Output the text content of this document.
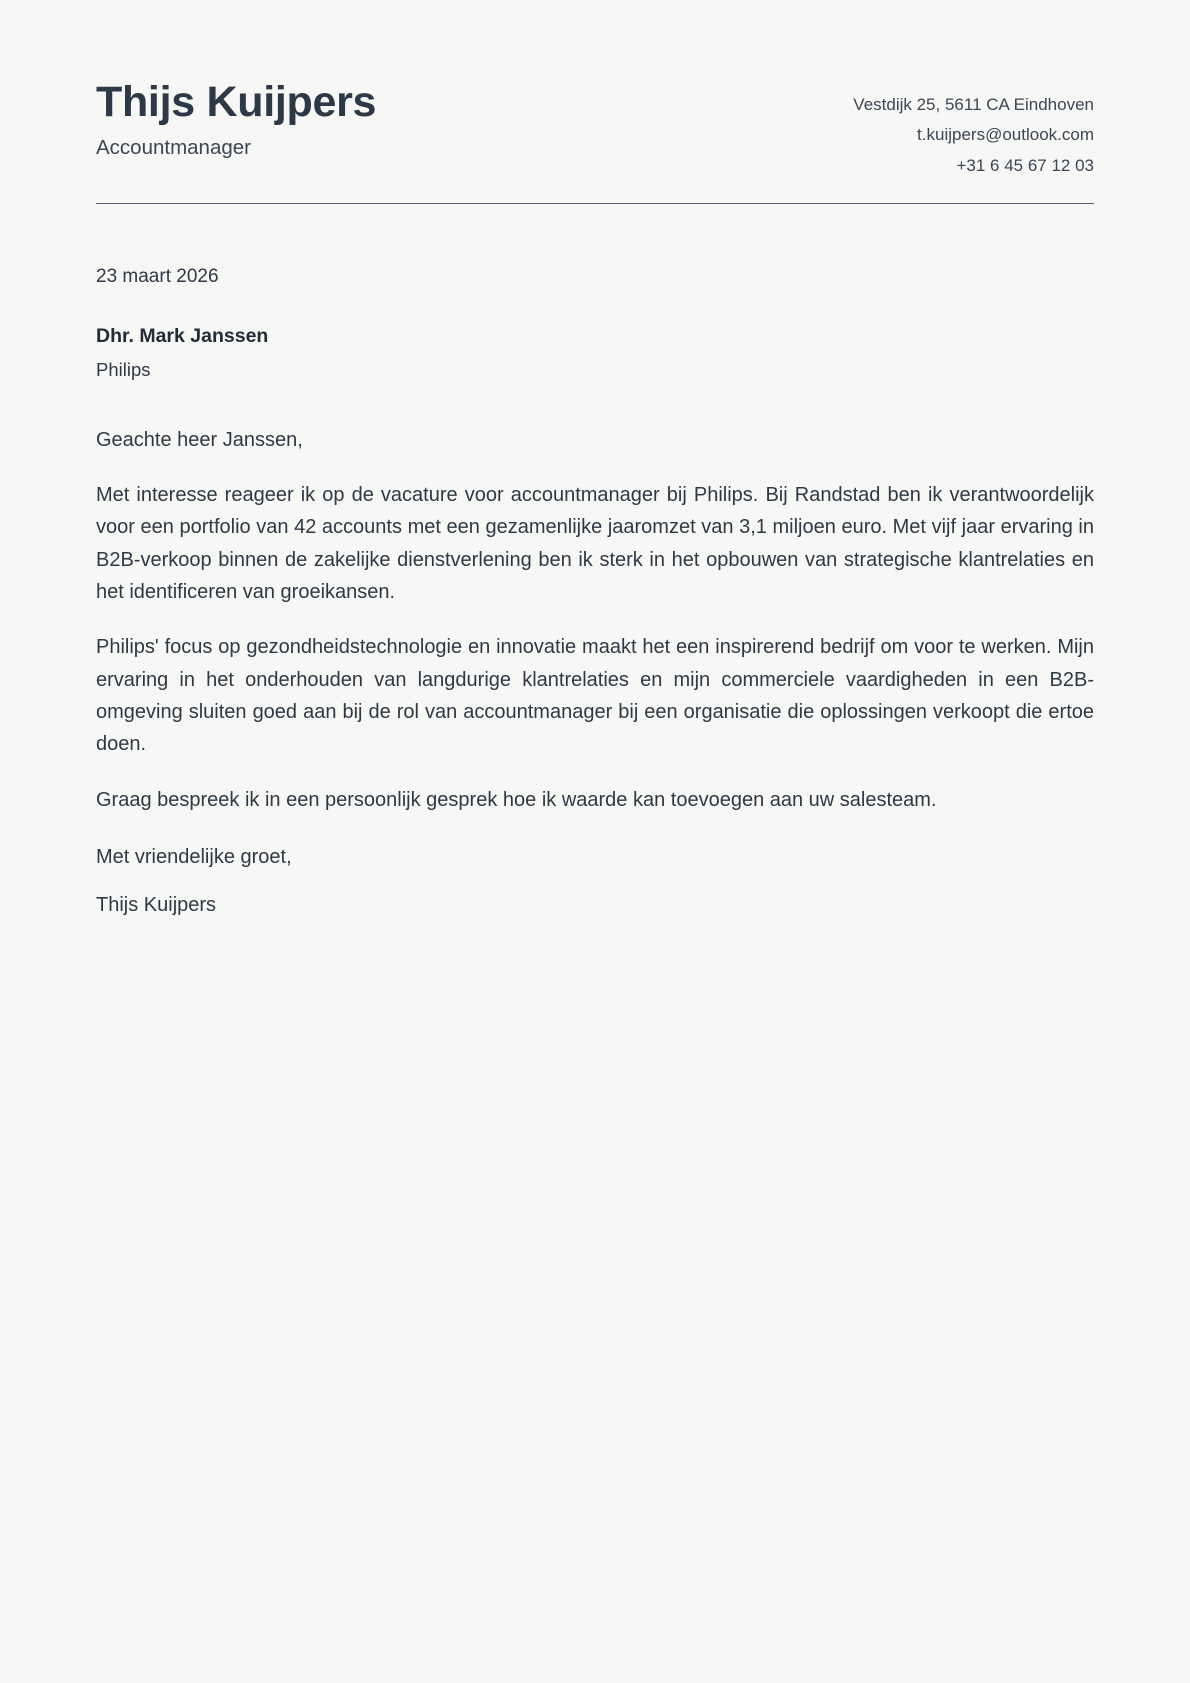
Thijs Kuijpers
Accountmanager
Vestdijk 25, 5611 CA Eindhoven
t.kuijpers@outlook.com
+31 6 45 67 12 03
23 maart 2026
Dhr. Mark Janssen
Philips
Geachte heer Janssen,

Met interesse reageer ik op de vacature voor accountmanager bij Philips. Bij Randstad ben ik verantwoordelijk voor een portfolio van 42 accounts met een gezamenlijke jaaromzet van 3,1 miljoen euro. Met vijf jaar ervaring in B2B-verkoop binnen de zakelijke dienstverlening ben ik sterk in het opbouwen van strategische klantrelaties en het identificeren van groeikansen.

Philips' focus op gezondheidstechnologie en innovatie maakt het een inspirerend bedrijf om voor te werken. Mijn ervaring in het onderhouden van langdurige klantrelaties en mijn commerciele vaardigheden in een B2B-omgeving sluiten goed aan bij de rol van accountmanager bij een organisatie die oplossingen verkoopt die ertoe doen.

Graag bespreek ik in een persoonlijk gesprek hoe ik waarde kan toevoegen aan uw salesteam.

Met vriendelijke groet,
Thijs Kuijpers
